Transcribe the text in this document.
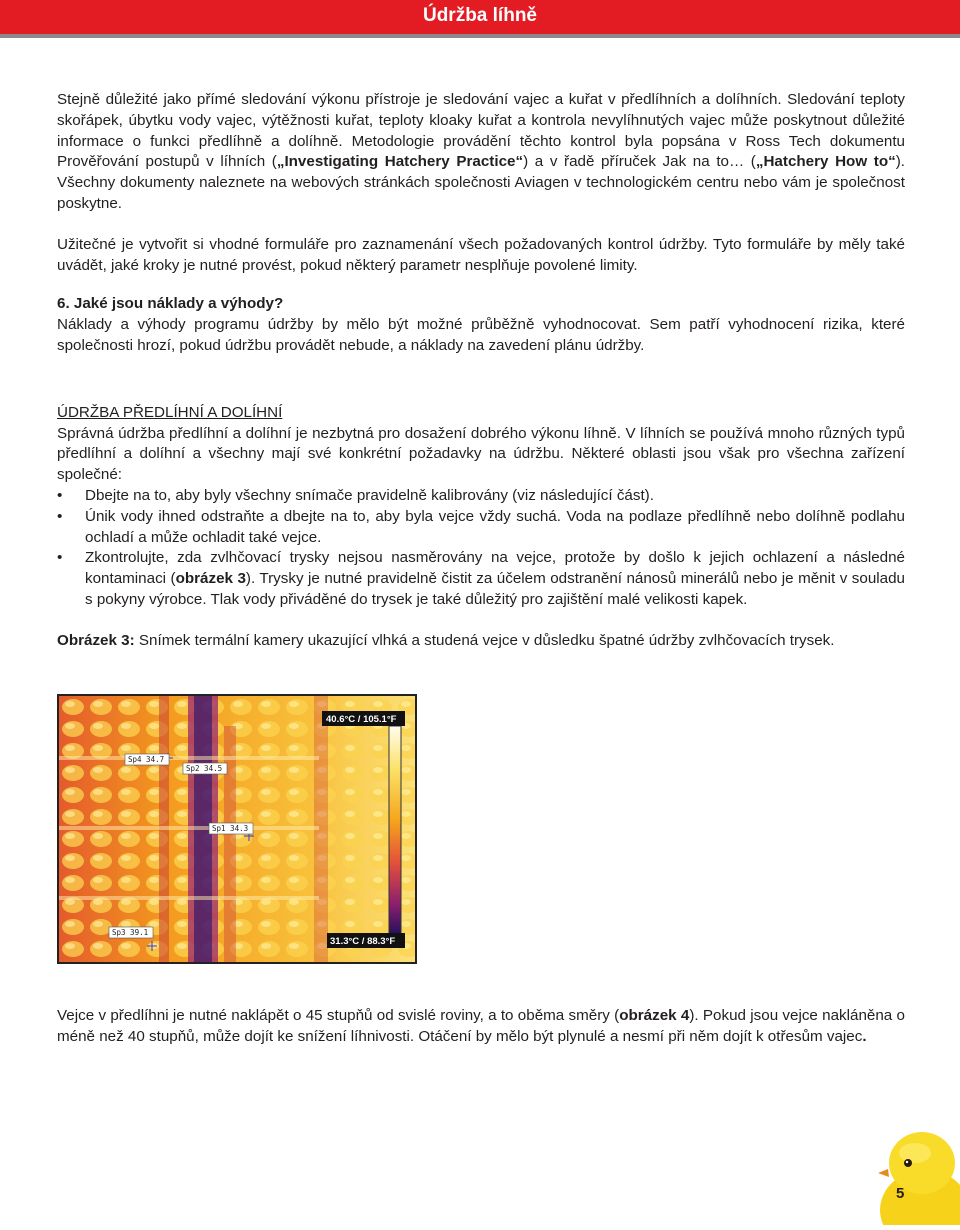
Údržba líhně

Stejně důležité jako přímé sledování výkonu přístroje je sledování vajec a kuřat v předlíhních a dolíhních. Sledování teploty skořápek, úbytku vody vajec, výtěžnosti kuřat, teploty kloaky kuřat a kontrola nevylíhnutých vajec může poskytnout důležité informace o funkci předlíhně a dolíhně. Metodologie provádění těchto kontrol byla popsána v Ross Tech dokumentu Prověřování postupů v líhních („Investigating Hatchery Practice“) a v řadě příruček Jak na to… („Hatchery How to“). Všechny dokumenty naleznete na webových stránkách společnosti Aviagen v technologickém centru nebo vám je společnost poskytne.

Užitečné je vytvořit si vhodné formuláře pro zaznamenání všech požadovaných kontrol údržby. Tyto formuláře by měly také uvádět, jaké kroky je nutné provést, pokud některý parametr nesplňuje povolené limity.

6. Jaké jsou náklady a výhody?

Náklady a výhody programu údržby by mělo být možné průběžně vyhodnocovat. Sem patří vyhodnocení rizika, které společnosti hrozí, pokud údržbu provádět nebude, a náklady na zavedení plánu údržby.

ÚDRŽBA PŘEDLÍHNÍ A DOLÍHNÍ

Správná údržba předlíhní a dolíhní je nezbytná pro dosažení dobrého výkonu líhně. V líhních se používá mnoho různých typů předlíhní a dolíhní a všechny mají své konkrétní požadavky na údržbu. Některé oblasti jsou však pro všechna zařízení společné:

• Dbejte na to, aby byly všechny snímače pravidelně kalibrovány (viz následující část).
• Únik vody ihned odstraňte a dbejte na to, aby byla vejce vždy suchá. Voda na podlaze předlíhně nebo dolíhně podlahu ochladí a může ochladit také vejce.
• Zkontrolujte, zda zvlhčovací trysky nejsou nasměrovány na vejce, protože by došlo k jejich ochlazení a následné kontaminaci (obrázek 3). Trysky je nutné pravidelně čistit za účelem odstranění nánosů minerálů nebo je měnit v souladu s pokyny výrobce. Tlak vody přiváděné do trysek je také důležitý pro zajištění malé velikosti kapek.

Obrázek 3: Snímek termální kamery ukazující vlhká a studená vejce v důsledku špatné údržby zvlhčovacích trysek.

Sp4 34.7
Sp2 34.5
Sp1 34.3
Sp3 39.1
40.6°C / 105.1°F
31.3°C / 88.3°F

Vejce v předlíhni je nutné naklápět o 45 stupňů od svislé roviny, a to oběma směry (obrázek 4). Pokud jsou vejce nakláněna o méně než 40 stupňů, může dojít ke snížení líhnivosti. Otáčení by mělo být plynulé a nesmí při něm dojít k otřesům vajec.

5
